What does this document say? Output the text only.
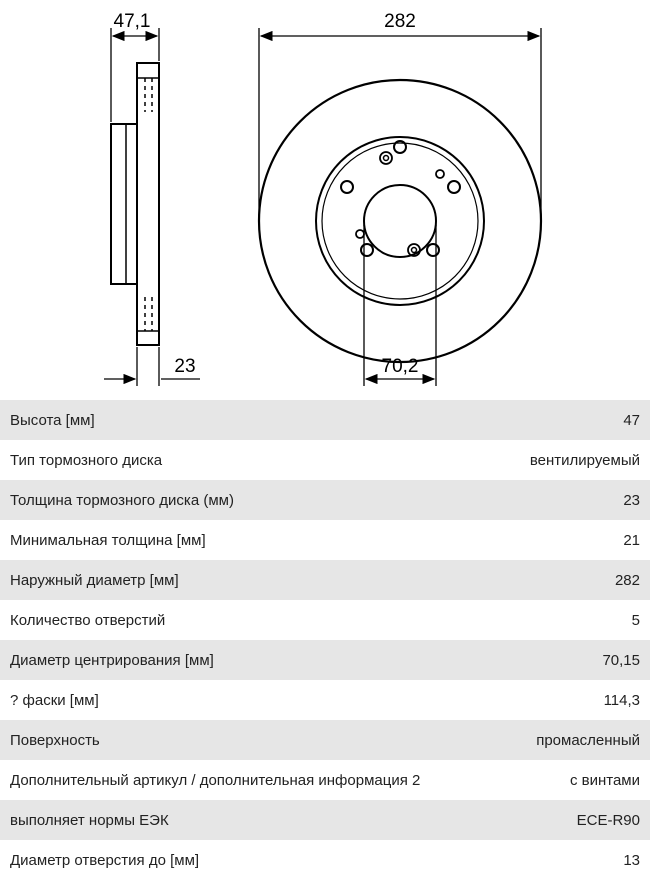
47,1
23
282
70,2
Высота [мм]	47
Тип тормозного диска	вентилируемый
Толщина тормозного диска (мм)	23
Минимальная толщина [мм]	21
Наружный диаметр [мм]	282
Количество отверстий	5
Диаметр центрирования [мм]	70,15
? фаски [мм]	114,3
Поверхность	промасленный
Дополнительный артикул / дополнительная информация 2	с винтами
выполняет нормы ЕЭК	ECE-R90
Диаметр отверстия до [мм]	13
